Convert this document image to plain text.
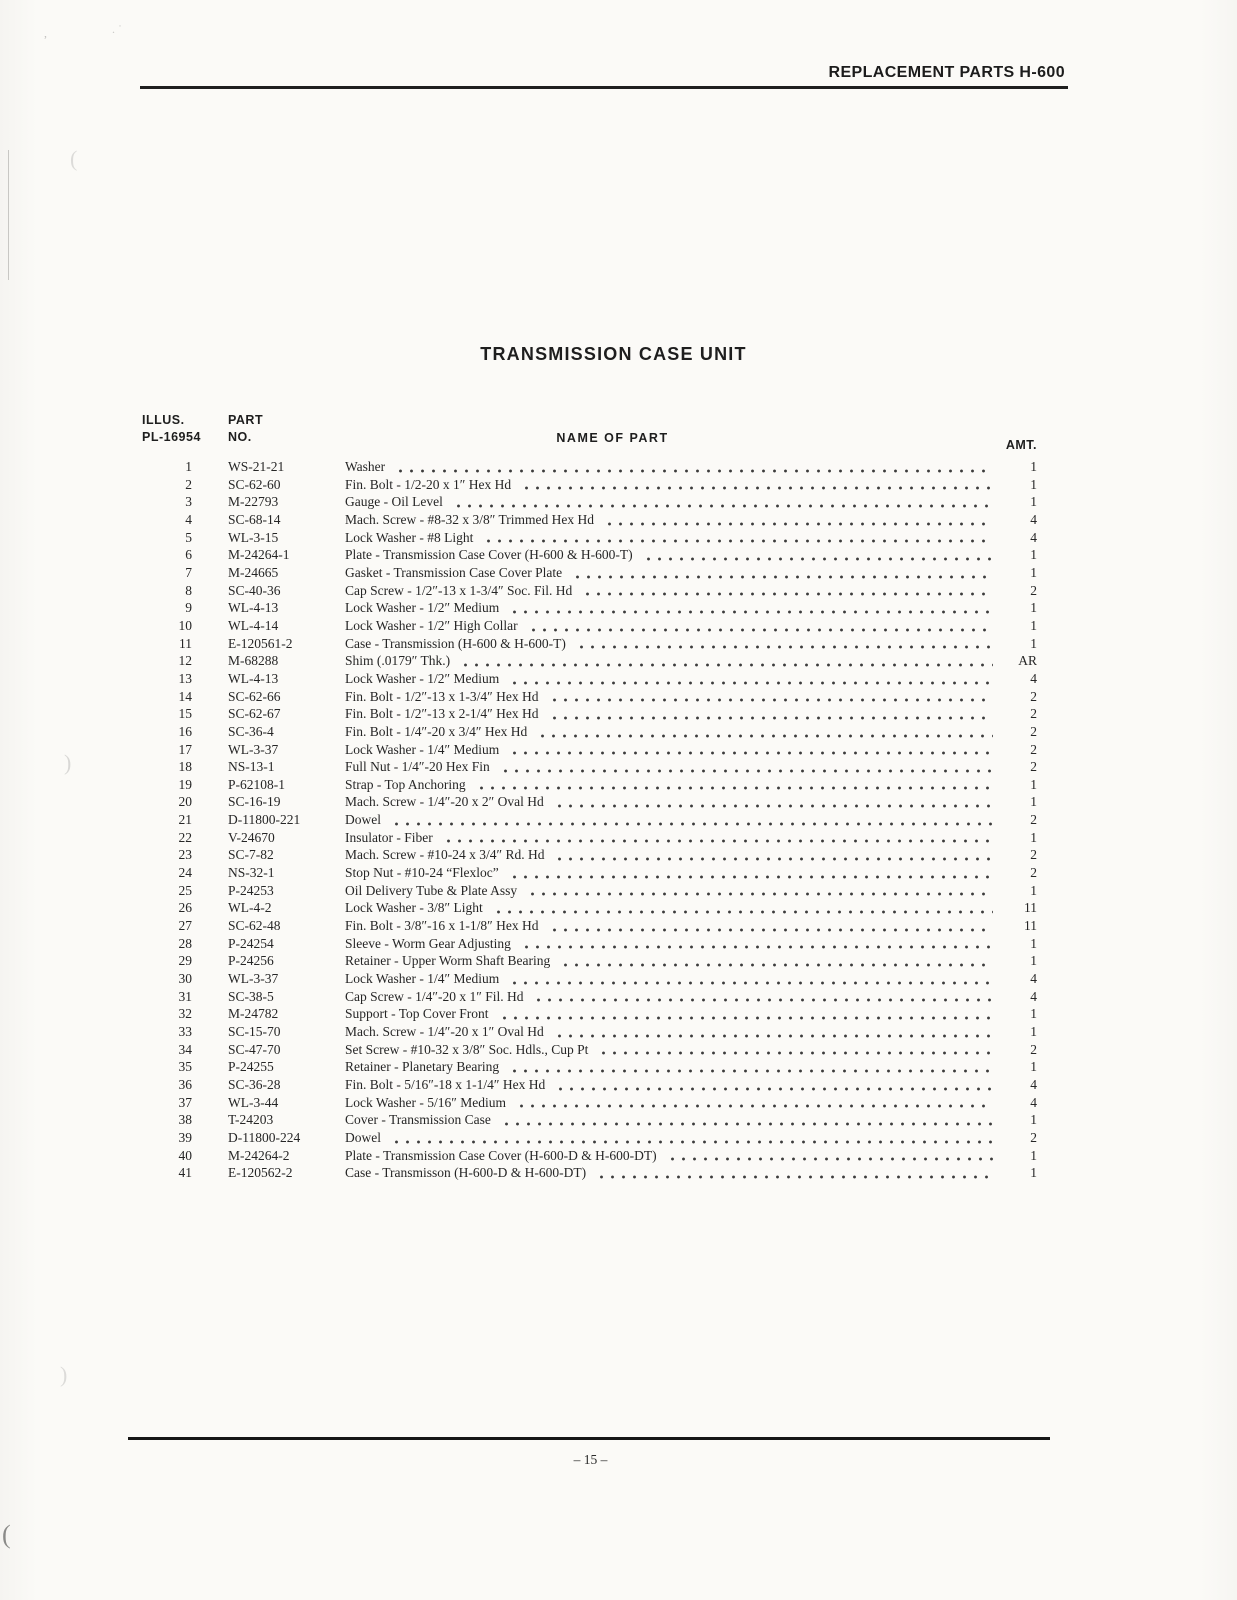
(
)
)
(
,	. ˙
REPLACEMENT PARTS H-600
TRANSMISSION CASE UNIT
ILLUS.
PL-16954
PART
NO.	NAME OF PART	AMT.
1	WS-21-21	Washer	1
2	SC-62-60	Fin. Bolt - 1/2-20 x 1″ Hex Hd	1
3	M-22793	Gauge - Oil Level	1
4	SC-68-14	Mach. Screw - #8-32 x 3/8″ Trimmed Hex Hd	4
5	WL-3-15	Lock Washer - #8 Light	4
6	M-24264-1	Plate - Transmission Case Cover (H-600 & H-600-T)	1
7	M-24665	Gasket - Transmission Case Cover Plate	1
8	SC-40-36	Cap Screw - 1/2″-13 x 1-3/4″ Soc. Fil. Hd	2
9	WL-4-13	Lock Washer - 1/2″ Medium	1
10	WL-4-14	Lock Washer - 1/2″ High Collar	1
11	E-120561-2	Case - Transmission (H-600 & H-600-T)	1
12	M-68288	Shim (.0179″ Thk.)	AR
13	WL-4-13	Lock Washer - 1/2″ Medium	4
14	SC-62-66	Fin. Bolt - 1/2″-13 x 1-3/4″ Hex Hd	2
15	SC-62-67	Fin. Bolt - 1/2″-13 x 2-1/4″ Hex Hd	2
16	SC-36-4	Fin. Bolt - 1/4″-20 x 3/4″ Hex Hd	2
17	WL-3-37	Lock Washer - 1/4″ Medium	2
18	NS-13-1	Full Nut - 1/4″-20 Hex Fin	2
19	P-62108-1	Strap - Top Anchoring	1
20	SC-16-19	Mach. Screw - 1/4″-20 x 2″ Oval Hd	1
21	D-11800-221	Dowel	2
22	V-24670	Insulator - Fiber	1
23	SC-7-82	Mach. Screw - #10-24 x 3/4″ Rd. Hd	2
24	NS-32-1	Stop Nut - #10-24 “Flexloc”	2
25	P-24253	Oil Delivery Tube & Plate Assy	1
26	WL-4-2	Lock Washer - 3/8″ Light	11
27	SC-62-48	Fin. Bolt - 3/8″-16 x 1-1/8″ Hex Hd	11
28	P-24254	Sleeve - Worm Gear Adjusting	1
29	P-24256	Retainer - Upper Worm Shaft Bearing	1
30	WL-3-37	Lock Washer - 1/4″ Medium	4
31	SC-38-5	Cap Screw - 1/4″-20 x 1″ Fil. Hd	4
32	M-24782	Support - Top Cover Front	1
33	SC-15-70	Mach. Screw - 1/4″-20 x 1″ Oval Hd	1
34	SC-47-70	Set Screw - #10-32 x 3/8″ Soc. Hdls., Cup Pt	2
35	P-24255	Retainer - Planetary Bearing	1
36	SC-36-28	Fin. Bolt - 5/16″-18 x 1-1/4″ Hex Hd	4
37	WL-3-44	Lock Washer - 5/16″ Medium	4
38	T-24203	Cover - Transmission Case	1
39	D-11800-224	Dowel	2
40	M-24264-2	Plate - Transmission Case Cover (H-600-D & H-600-DT)	1
41	E-120562-2	Case - Transmisson (H-600-D & H-600-DT)	1
– 15 –
